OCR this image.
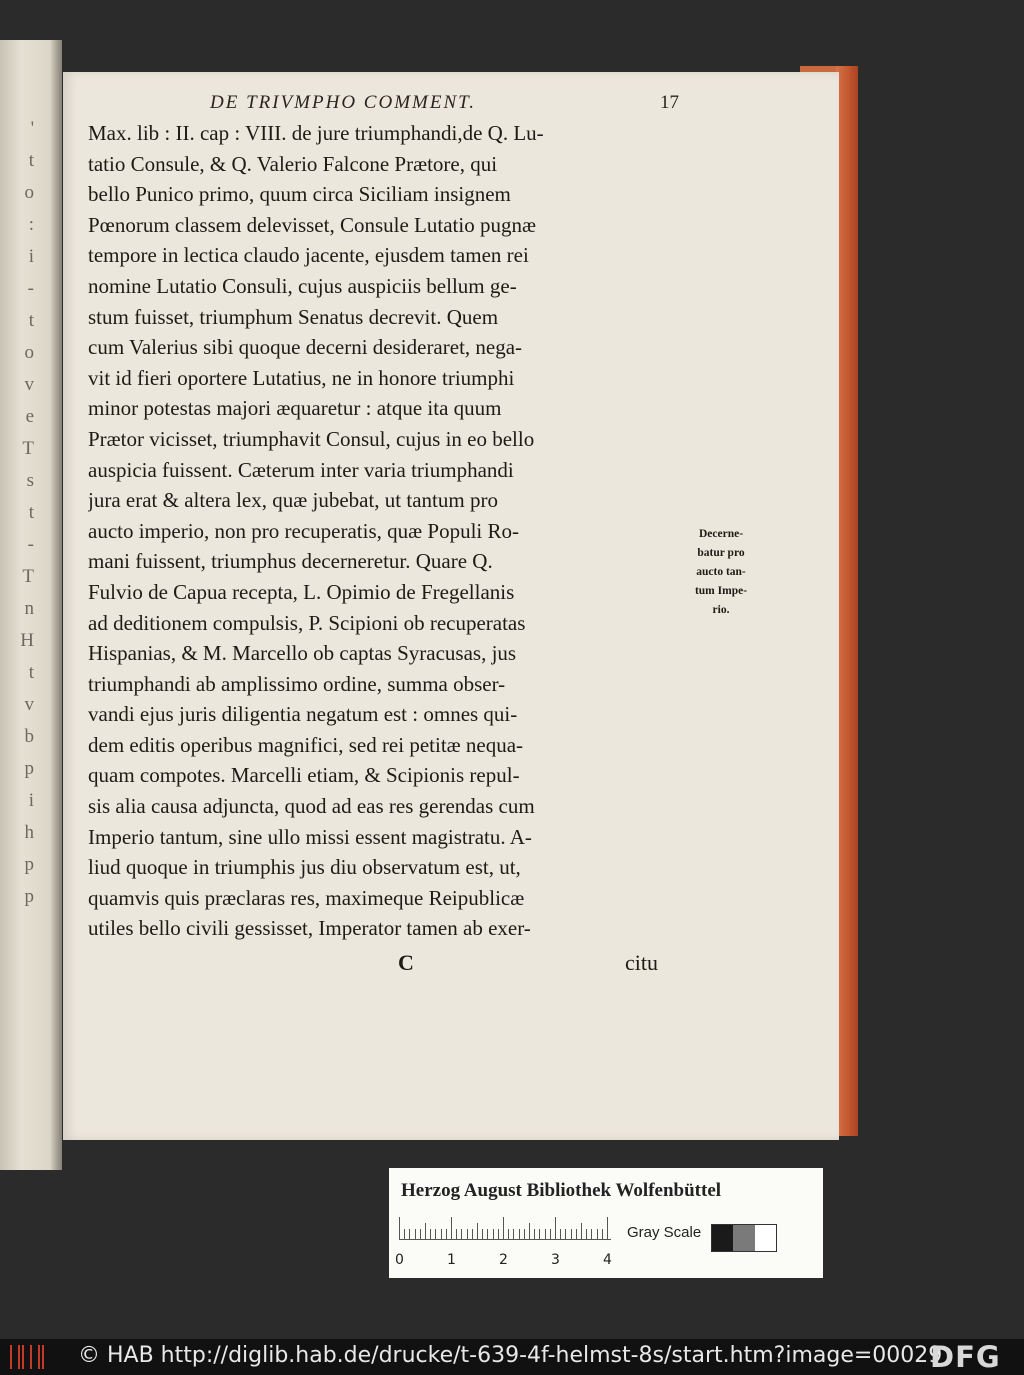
'
t
o
:
i
-
t
o
v
e
T
s
t
-
T
n
H
t
v
b
p
i
h
p
p
DE TRIVMPHO COMMENT.	17
Max. lib : II. cap : VIII. de jure triumphandi,de Q. Lu-
tatio Consule, & Q. Valerio Falcone Prætore, qui
bello Punico primo, quum circa Siciliam insignem
Pœnorum classem delevisset, Consule Lutatio pugnæ
tempore in lectica claudo jacente, ejusdem tamen rei
nomine Lutatio Consuli, cujus auspiciis bellum ge-
stum fuisset, triumphum Senatus decrevit. Quem
cum Valerius sibi quoque decerni desideraret, nega-
vit id fieri oportere Lutatius, ne in honore triumphi
minor potestas majori æquaretur : atque ita quum
Prætor vicisset, triumphavit Consul, cujus in eo bello
auspicia fuissent. Cæterum inter varia triumphandi
jura erat & altera lex, quæ jubebat, ut tantum pro
aucto imperio, non pro recuperatis, quæ Populi Ro-
mani fuissent, triumphus decerneretur. Quare Q.
Fulvio de Capua recepta, L. Opimio de Fregellanis
ad deditionem compulsis, P. Scipioni ob recuperatas
Hispanias, & M. Marcello ob captas Syracusas, jus
triumphandi ab amplissimo ordine, summa obser-
vandi ejus juris diligentia negatum est : omnes qui-
dem editis operibus magnifici, sed rei petitæ nequa-
quam compotes. Marcelli etiam, & Scipionis repul-
sis alia causa adjuncta, quod ad eas res gerendas cum
Imperio tantum, sine ullo missi essent magistratu. A-
liud quoque in triumphis jus diu observatum est, ut,
quamvis quis præclaras res, maximeque Reipublicæ
utiles bello civili gessisset, Imperator tamen ab exer-
C	citu
Decerne-
batur pro
aucto tan-
tum Impe-
rio.
Herzog August Bibliothek Wolfenbüttel
0	1	2	3	4
Gray Scale
© HAB http://diglib.hab.de/drucke/t-639-4f-helmst-8s/start.htm?image=00029
DFG
